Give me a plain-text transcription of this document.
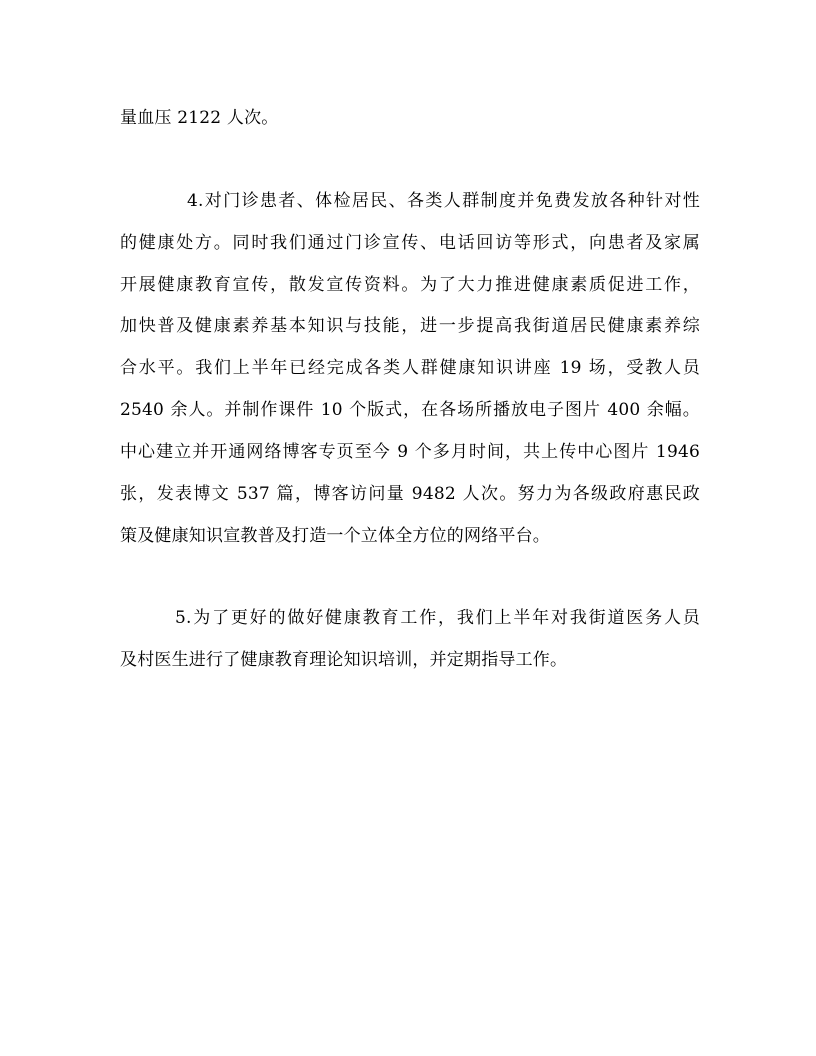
量血压 2122 人次。
4.对门诊患者、体检居民、各类人群制度并免费发放各种针对性
的健康处方。同时我们通过门诊宣传、电话回访等形式，向患者及家属
开展健康教育宣传，散发宣传资料。为了大力推进健康素质促进工作，
加快普及健康素养基本知识与技能，进一步提高我街道居民健康素养综
合水平。我们上半年已经完成各类人群健康知识讲座 19 场，受教人员
2540 余人。并制作课件 10 个版式，在各场所播放电子图片 400 余幅。
中心建立并开通网络博客专页至今 9 个多月时间，共上传中心图片 1946
张，发表博文 537 篇，博客访问量 9482 人次。努力为各级政府惠民政
策及健康知识宣教普及打造一个立体全方位的网络平台。
5.为了更好的做好健康教育工作，我们上半年对我街道医务人员
及村医生进行了健康教育理论知识培训，并定期指导工作。
